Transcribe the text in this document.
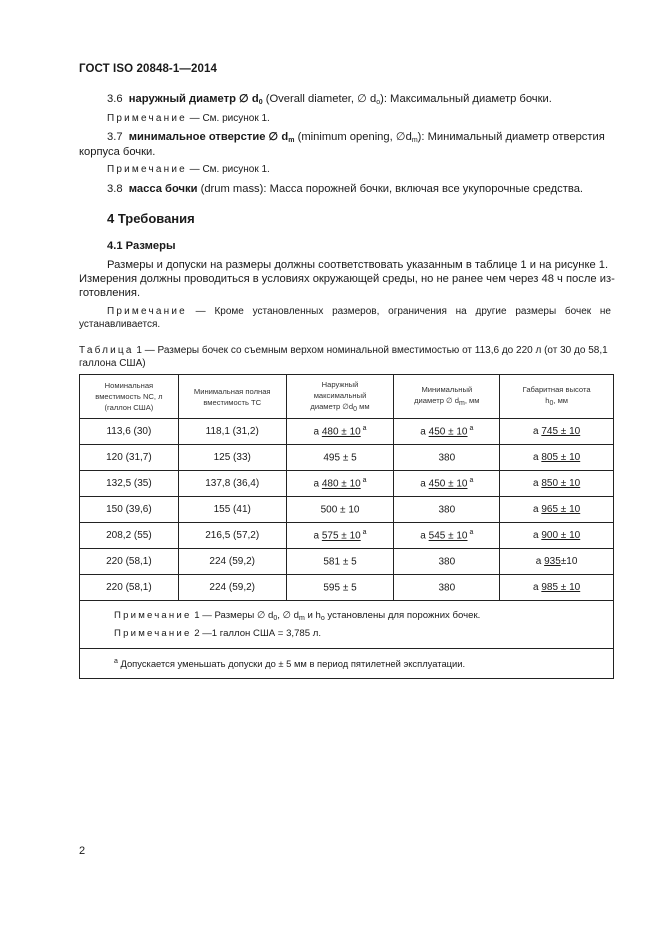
ГОСТ ISO 20848-1—2014
3.6 наружный диаметр ∅ $d_0$ (Overall diameter, ∅ $d_o$): Максимальный диаметр бочки.
Примечание — См. рисунок 1.
3.7 минимальное отверстие ∅ $d_m$ (minimum opening, $\emptyset d_m$): Минимальный диаметр отверстия
корпуса бочки.
Примечание — См. рисунок 1.
3.8 масса бочки (drum mass): Масса порожней бочки, включая все укупорочные средства.
4 Требования
4.1 Размеры
Размеры и допуски на размеры должны соответствовать указанным в таблице 1 и на рисунке 1.
Измерения должны проводиться в условиях окружающей среды, но не ранее чем через 48 ч после из-
готовления.
Примечание — Кроме установленных размеров, ограничения на другие размеры бочек не
устанавливается.
Таблица 1 — Размеры бочек со съемным верхом номинальной вместимостью от 113,6 до 220 л (от 30 до 58,1
галлона США)
Номинальная
вместимость NC, л
(галлон США)	Минимальная полная
вместимость TC	Наружный
максимальный
диаметр $\emptyset d_0$ мм	Минимальный
диаметр ∅ $d_m$, мм	Габаритная высота
$h_0$, мм
113,6 (30)	118,1 (31,2)	а 480 ± 10 $^а$	а 450 ± 10 $^а$	а 745 ± 10
120 (31,7)	125 (33)	495 ± 5	380	а 805 ± 10
132,5 (35)	137,8 (36,4)	а 480 ± 10 $^а$	а 450 ± 10 $^а$	а 850 ± 10
150 (39,6)	155 (41)	500 ± 10	380	а 965 ± 10
208,2 (55)	216,5 (57,2)	а 575 ± 10 $^а$	а 545 ± 10 $^а$	а 900 ± 10
220 (58,1)	224 (59,2)	581 ± 5	380	а 935±10
220 (58,1)	224 (59,2)	595 ± 5	380	а 985 ± 10

Примечание 1 — Размеры ∅ $d_0$, ∅ $d_m$ и $h_o$ установлены для порожних бочек.
Примечание 2 —1 галлон США = 3,785 л.				

$^а$ Допускается уменьшать допуски до ± 5 мм в период пятилетней эксплуатации.				
2
